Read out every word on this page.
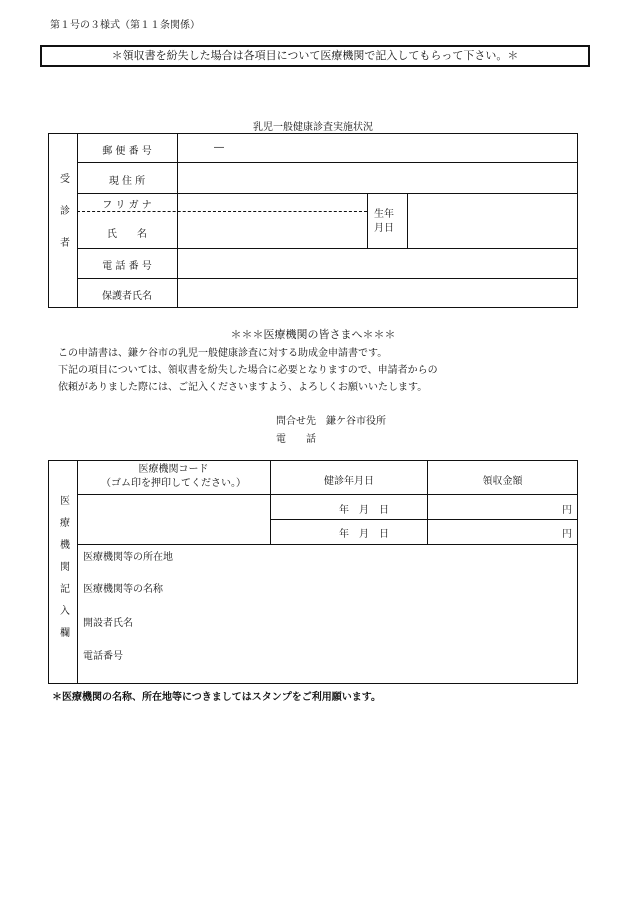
第１号の３様式（第１１条関係）
＊領収書を紛失した場合は各項目について医療機関で記入してもらって下さい。＊
乳児一般健康診査実施状況
受診者
郵 便 番 号	―
現 住 所
フ リ ガ ナ
氏　　名
生年月日
電 話 番 号
保護者氏名
＊＊＊医療機関の皆さまへ＊＊＊
この申請書は、鎌ケ谷市の乳児一般健康診査に対する助成金申請書です。
下記の項目については、領収書を紛失した場合に必要となりますので、申請者からの
依頼がありました際には、ご記入くださいますよう、よろしくお願いいたします。
問合せ先　鎌ケ谷市役所
電　　話
医療機関記入欄
医療機関コード
（ゴム印を押印してください。）	健診年月日	領収金額
年　月　日	円
年　月　日	円
医療機関等の所在地
医療機関等の名称
開設者氏名
電話番号
＊医療機関の名称、所在地等につきましてはスタンプをご利用願います。
